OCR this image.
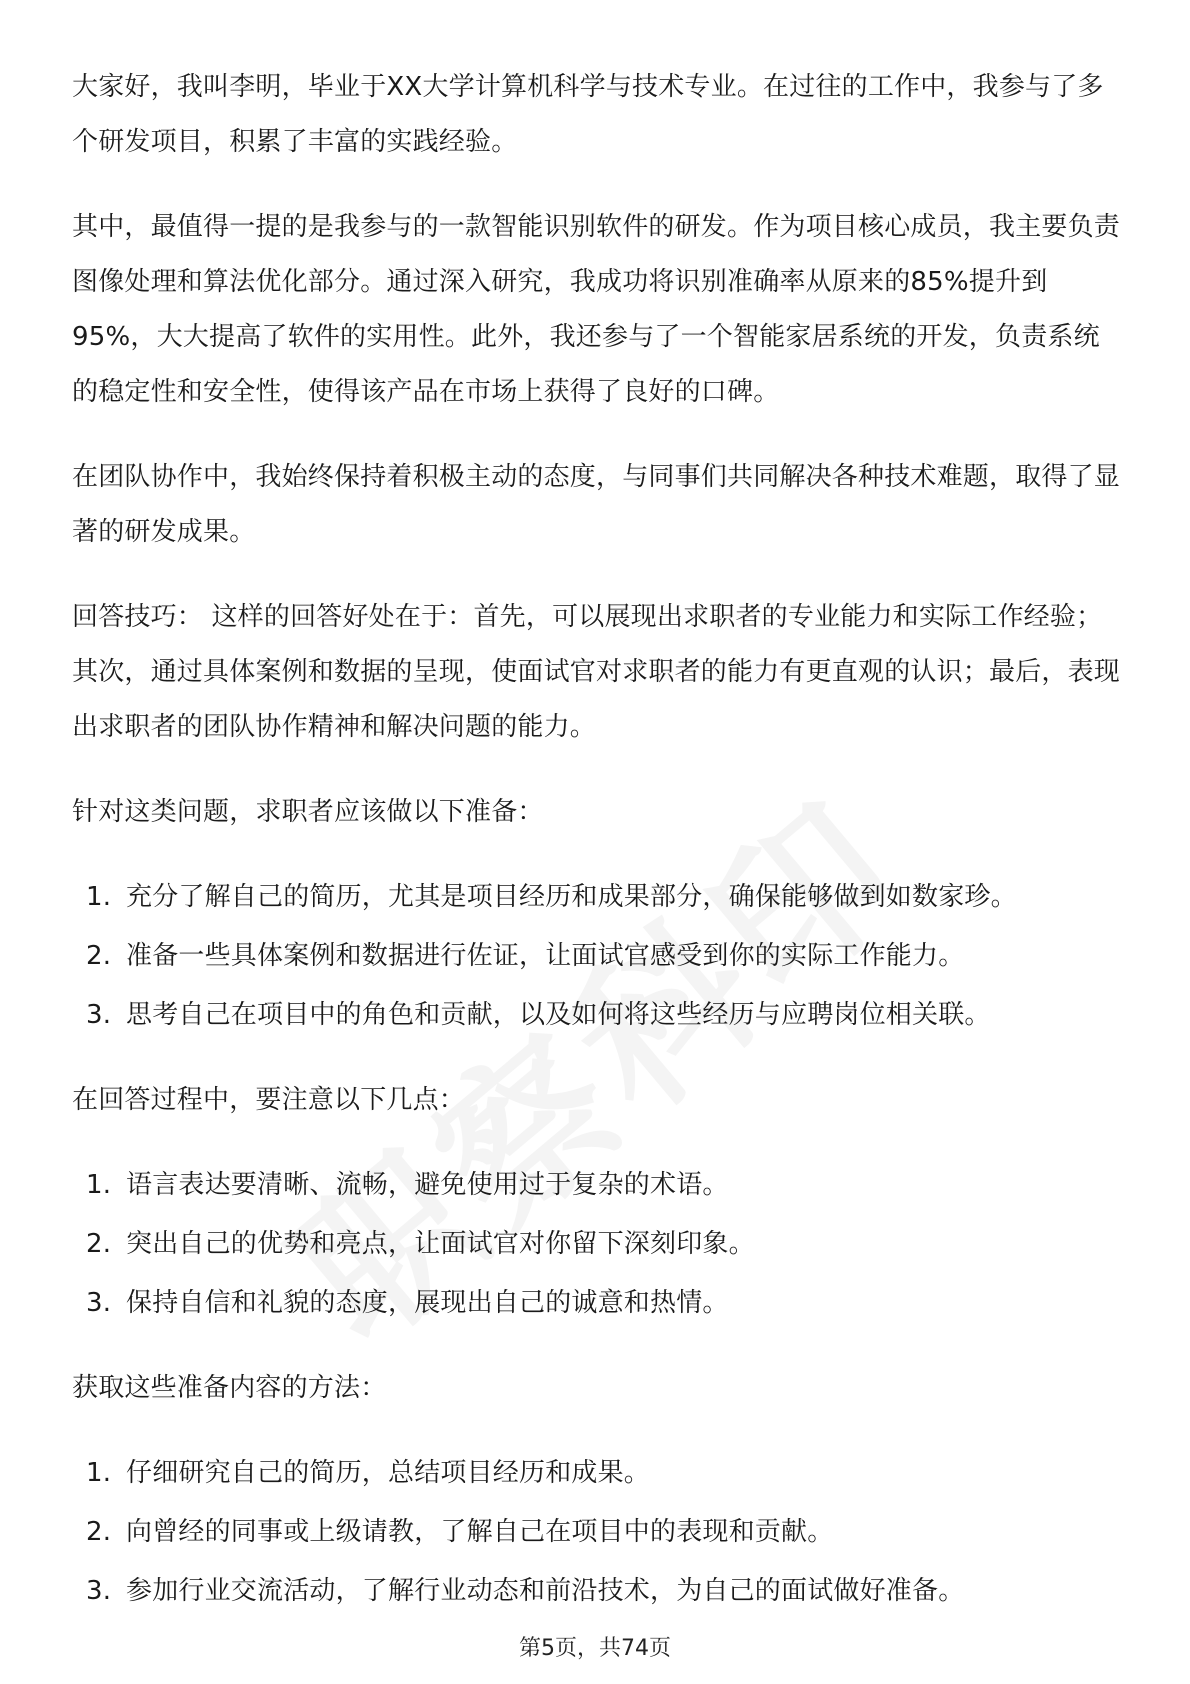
大家好，我叫李明，毕业于XX大学计算机科学与技术专业。在过往的工作中，我参与了多个研发项目，积累了丰富的实践经验。

其中，最值得一提的是我参与的一款智能识别软件的研发。作为项目核心成员，我主要负责图像处理和算法优化部分。通过深入研究，我成功将识别准确率从原来的85%提升到95%，大大提高了软件的实用性。此外，我还参与了一个智能家居系统的开发，负责系统的稳定性和安全性，使得该产品在市场上获得了良好的口碑。

在团队协作中，我始终保持着积极主动的态度，与同事们共同解决各种技术难题，取得了显著的研发成果。

回答技巧： 这样的回答好处在于：首先，可以展现出求职者的专业能力和实际工作经验；其次，通过具体案例和数据的呈现，使面试官对求职者的能力有更直观的认识；最后，表现出求职者的团队协作精神和解决问题的能力。

针对这类问题，求职者应该做以下准备：

1. 充分了解自己的简历，尤其是项目经历和成果部分，确保能够做到如数家珍。
2. 准备一些具体案例和数据进行佐证，让面试官感受到你的实际工作能力。
3. 思考自己在项目中的角色和贡献，以及如何将这些经历与应聘岗位相关联。

在回答过程中，要注意以下几点：

1. 语言表达要清晰、流畅，避免使用过于复杂的术语。
2. 突出自己的优势和亮点，让面试官对你留下深刻印象。
3. 保持自信和礼貌的态度，展现出自己的诚意和热情。

获取这些准备内容的方法：

1. 仔细研究自己的简历，总结项目经历和成果。
2. 向曾经的同事或上级请教，了解自己在项目中的表现和贡献。
3. 参加行业交流活动，了解行业动态和前沿技术，为自己的面试做好准备。
第5页，共74页
